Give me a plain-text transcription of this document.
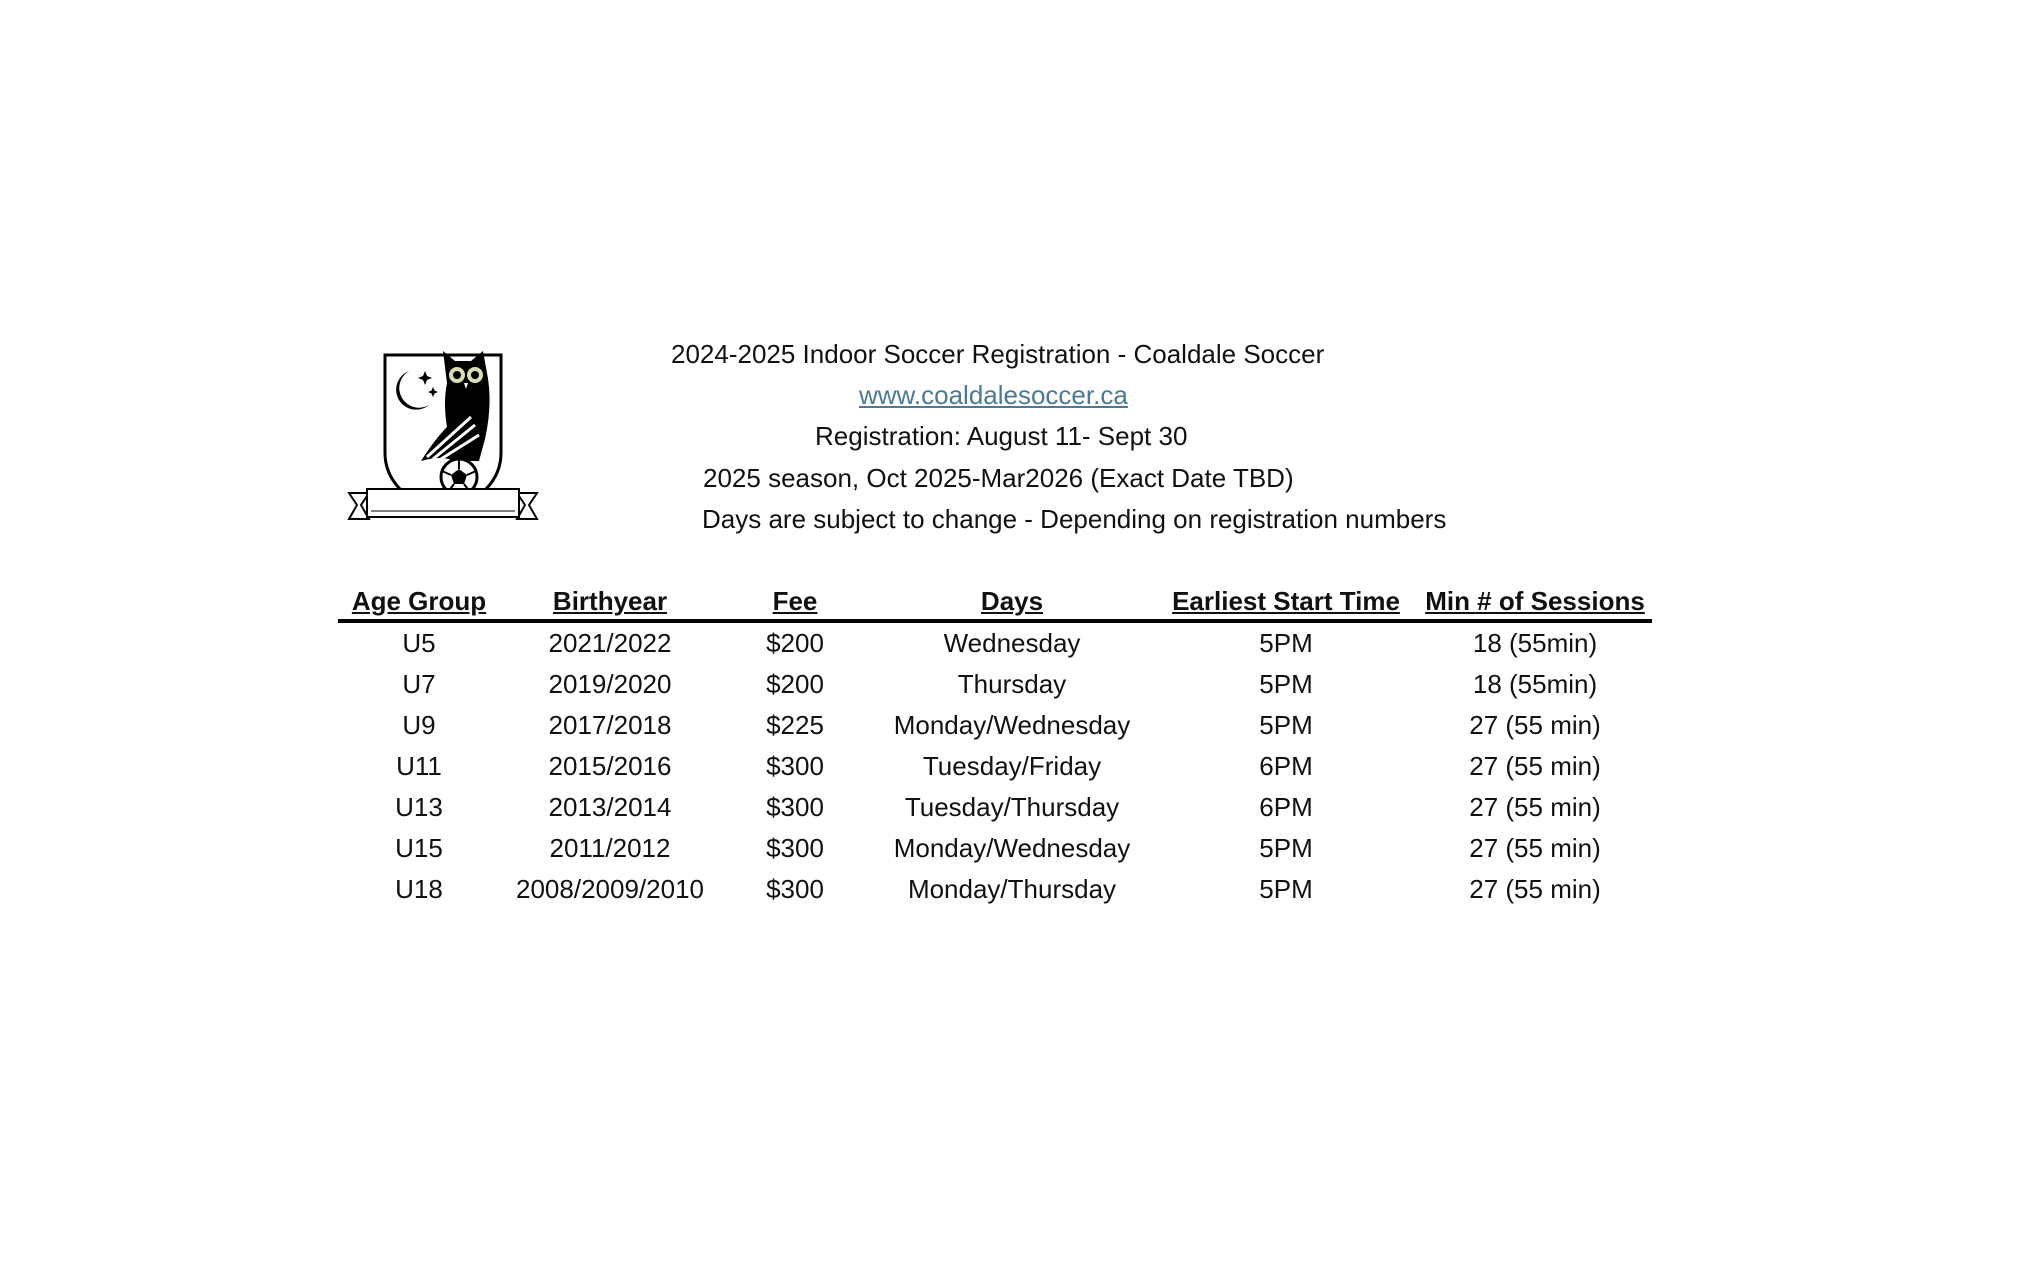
2024-2025 Indoor Soccer Registration - Coaldale Soccer
www.coaldalesoccer.ca
Registration: August 11- Sept 30
2025 season, Oct 2025-Mar2026 (Exact Date TBD)
Days are subject to change - Depending on registration numbers
Age Group	Birthyear	Fee	Days	Earliest Start Time	Min # of Sessions
U5	2021/2022	$200	Wednesday	5PM	18 (55min)
U7	2019/2020	$200	Thursday	5PM	18 (55min)
U9	2017/2018	$225	Monday/Wednesday	5PM	27 (55 min)
U11	2015/2016	$300	Tuesday/Friday	6PM	27 (55 min)
U13	2013/2014	$300	Tuesday/Thursday	6PM	27 (55 min)
U15	2011/2012	$300	Monday/Wednesday	5PM	27 (55 min)
U18	2008/2009/2010	$300	Monday/Thursday	5PM	27 (55 min)
